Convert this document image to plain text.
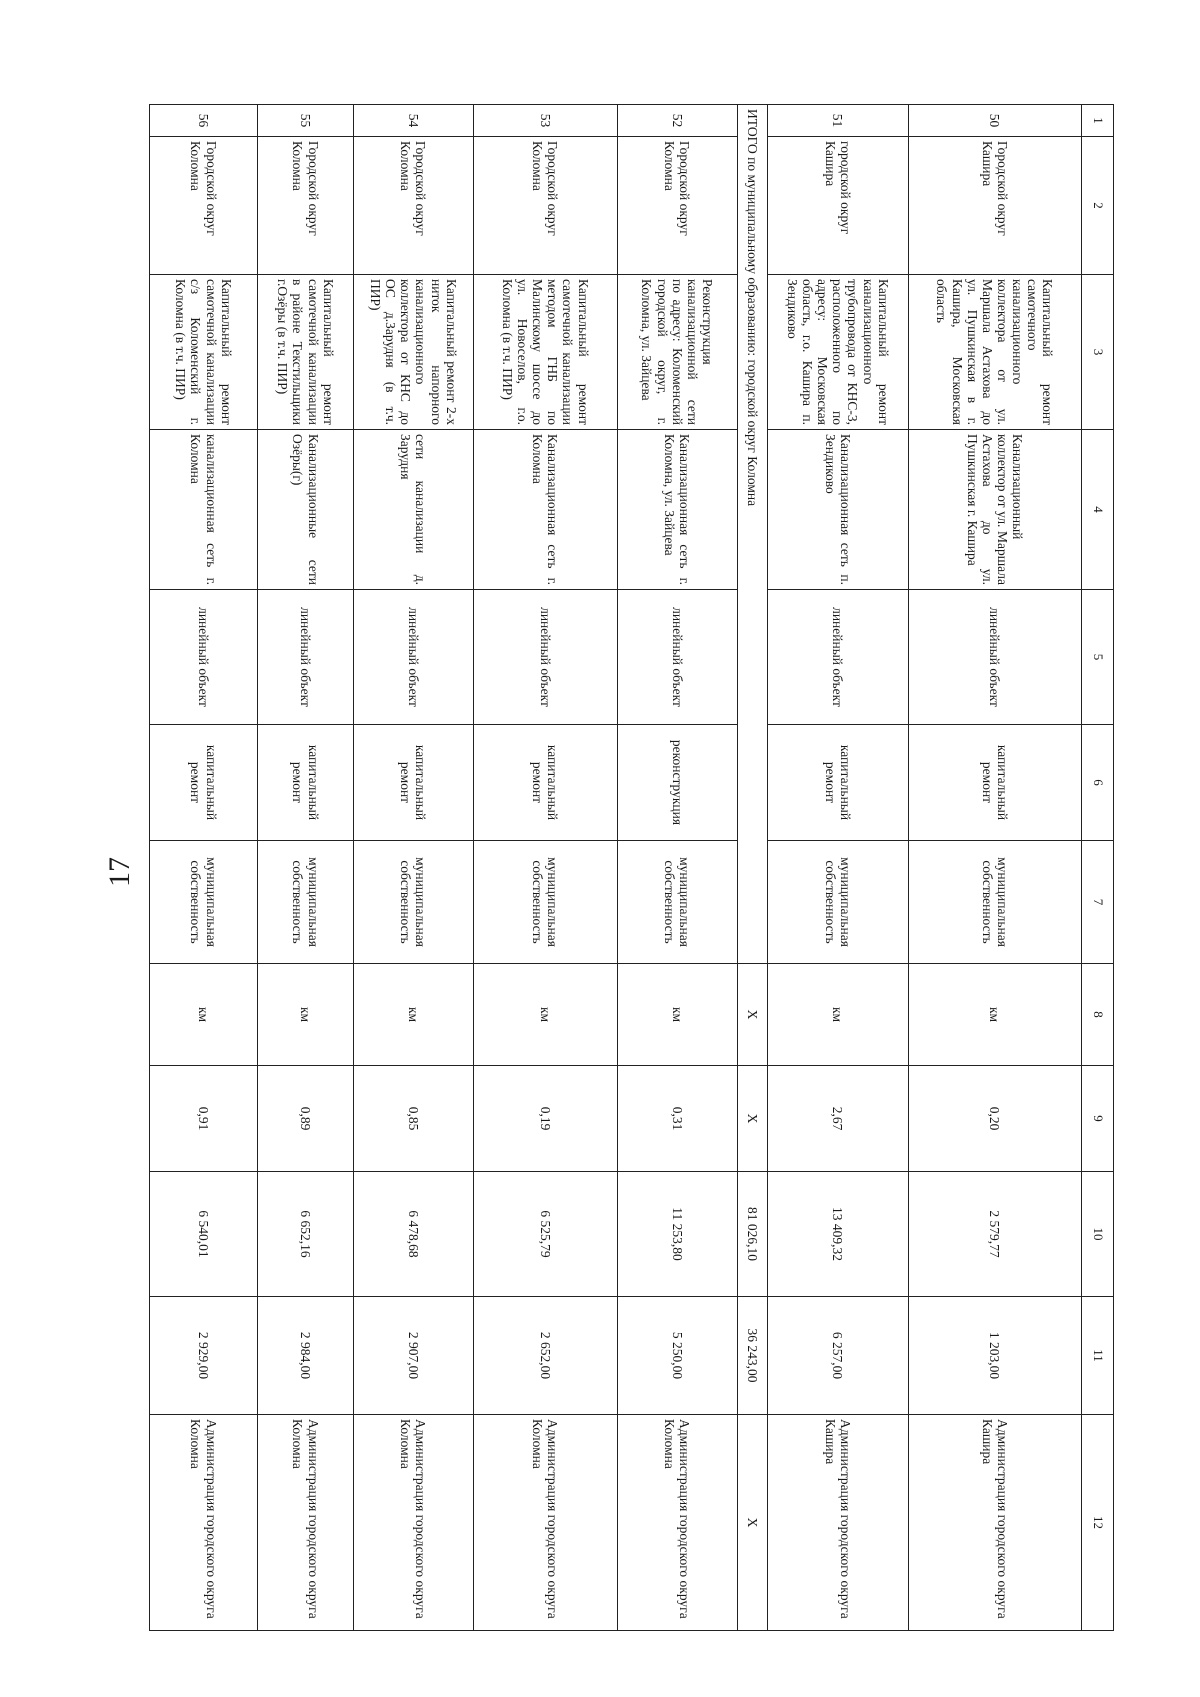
17
1	2	3	4	5	6	7	8	9	10	11	12
50	Городской округ Кашира	Капитальный ремонт самотечного канализационного коллектора от ул. Маршала Астахова до ул. Пушкинская в г. Кашира, Московская область	Канализационный коллектор от ул. Маршала Астахова до ул. Пушкинская г. Кашира	линейный объект	капитальный ремонт	муниципальная собственность	км	0,20	2 579,77	1 203,00	Администрация городского округа Кашира
51	городской округ Кашира	Капитальный ремонт канализационного трубопровода от КНС-3, расположенного по адресу: Московская область, г.о. Кашира п. Зендиково	Канализационная сеть п. Зендиково	линейный объект	капитальный ремонт	муниципальная собственность	км	2,67	13 409,32	6 257,00	Администрация городского округа Кашира
ИТОГО по муниципальному образованию: городской округ Коломна							X	X	81 026,10	36 243,00	X
52	Городской округ Коломна	Реконструкция канализационной сети по адресу: Коломенский городской округ, г. Коломна, ул. Зайцева	Канализационная сеть г. Коломна, ул. Зайцева	линейный объект	реконструкция	муниципальная собственность	км	0,31	11 253,80	5 250,00	Администрация городского округа Коломна
53	Городской округ Коломна	Капитальный ремонт самотечной канализации методом ГНБ по Малинскому шоссе до ул. Новоселов, г.о. Коломна (в т.ч. ПИР)	Канализационная сеть г. Коломна	линейный объект	капитальный ремонт	муниципальная собственность	км	0,19	6 525,79	2 652,00	Администрация городского округа Коломна
54	Городской округ Коломна	Капитальный ремонт 2-х ниток напорного канализационного коллектора от КНС до ОС д.Зарудня (в т.ч. ПИР)	сети канализации д. Зарудня	линейный объект	капитальный ремонт	муниципальная собственность	км	0,85	6 478,68	2 907,00	Администрация городского округа Коломна
55	Городской округ Коломна	Капитальный ремонт самотечной канализации в районе Текстильщики г.Озёры (в т.ч. ПИР)	Канализационные сети Озёры(г)	линейный объект	капитальный ремонт	муниципальная собственность	км	0,89	6 652,16	2 984,00	Администрация городского округа Коломна
56	Городской округ Коломна	Капитальный ремонт самотечной канализации с/з Коломенский г. Коломна (в т.ч. ПИР)	канализационная сеть г. Коломна	линейный объект	капитальный ремонт	муниципальная собственность	км	0,91	6 540,01	2 929,00	Администрация городского округа Коломна
